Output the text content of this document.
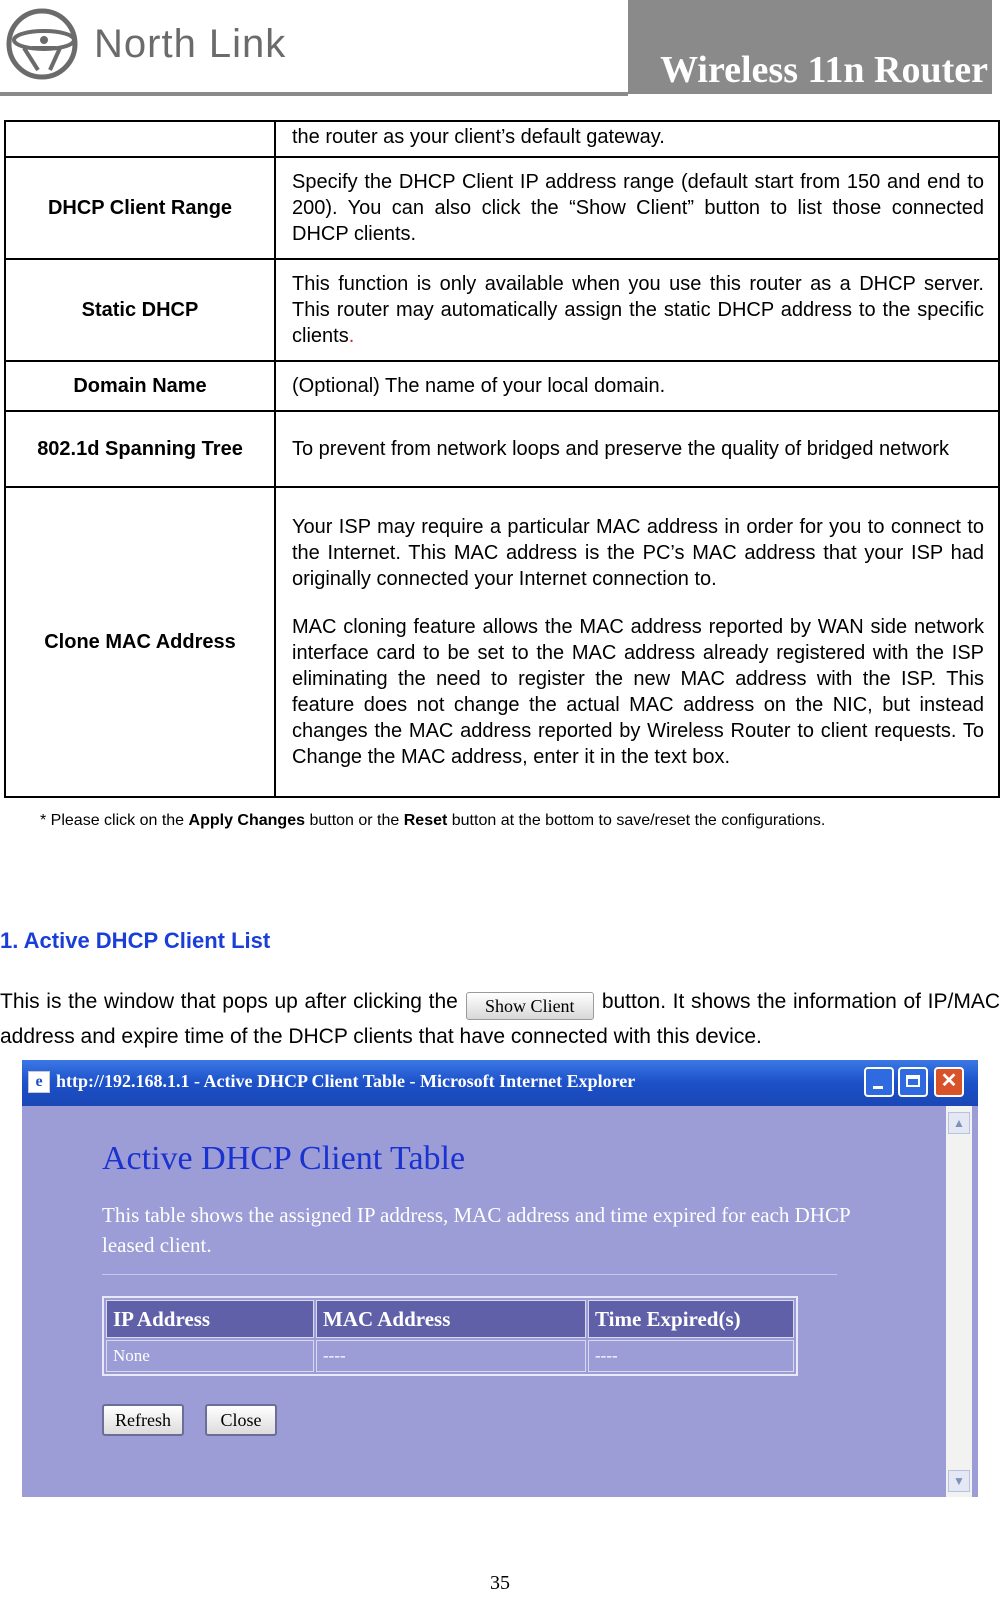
North Link
Wireless 11n Router

	the router as your client’s default gateway.

DHCP Client Range	Specify the DHCP Client IP address range (default start from 150 and end to 200). You can also click the “Show Client” button to list those connected DHCP clients.

Static DHCP	This function is only available when you use this router as a DHCP server. This router may automatically assign the static DHCP address to the specific clients.

Domain Name	(Optional) The name of your local domain.

802.1d Spanning Tree	To prevent from network loops and preserve the quality of bridged network

Clone MAC Address	Your ISP may require a particular MAC address in order for you to connect to the Internet. This MAC address is the PC’s MAC address that your ISP had originally connected your Internet connection to.

MAC cloning feature allows the MAC address reported by WAN side network interface card to be set to the MAC address already registered with the ISP eliminating the need to register the new MAC address with the ISP. This feature does not change the actual MAC address on the NIC, but instead changes the MAC address reported by Wireless Router to client requests. To Change the MAC address, enter it in the text box.

* Please click on the Apply Changes button or the Reset button at the bottom to save/reset the configurations.
1. Active DHCP Client List
This is the window that pops up after clicking the Show Client button. It shows the information of IP/MAC address and expire time of the DHCP clients that have connected with this device.
e http://192.168.1.1 - Active DHCP Client Table - Microsoft Internet Explorer	✕
Active DHCP Client Table
This table shows the assigned IP address, MAC address and time expired for each DHCP leased client.
IP Address	MAC Address	Time Expired(s)
None	----	----
Refresh	Close
▲
▼
35
